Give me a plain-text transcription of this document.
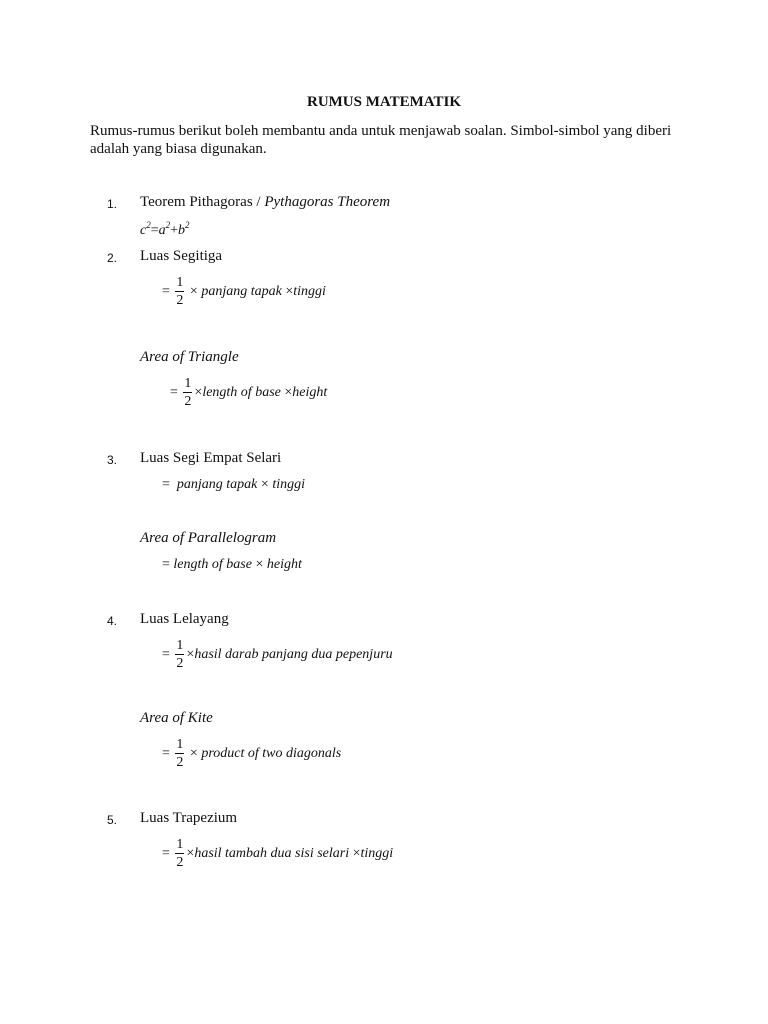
RUMUS MATEMATIK
Rumus-rumus berikut boleh membantu anda untuk menjawab soalan. Simbol-simbol yang diberi adalah yang biasa digunakan.
1. Teorem Pithagoras / Pythagoras Theorem
$c^2=a^2+b^2$
2. Luas Segitiga
= $\frac{1}{2}$ × panjang tapak ×tinggi
Area of Triangle
= $\frac{1}{2}$ ×length of base ×height
3. Luas Segi Empat Selari
= panjang tapak × tinggi
Area of Parallelogram
= length of base × height
4. Luas Lelayang
= $\frac{1}{2}$ ×hasil darab panjang dua pepenjuru
Area of Kite
= $\frac{1}{2}$ × product of two diagonals
5. Luas Trapezium
= $\frac{1}{2}$ ×hasil tambah dua sisi selari ×tinggi
